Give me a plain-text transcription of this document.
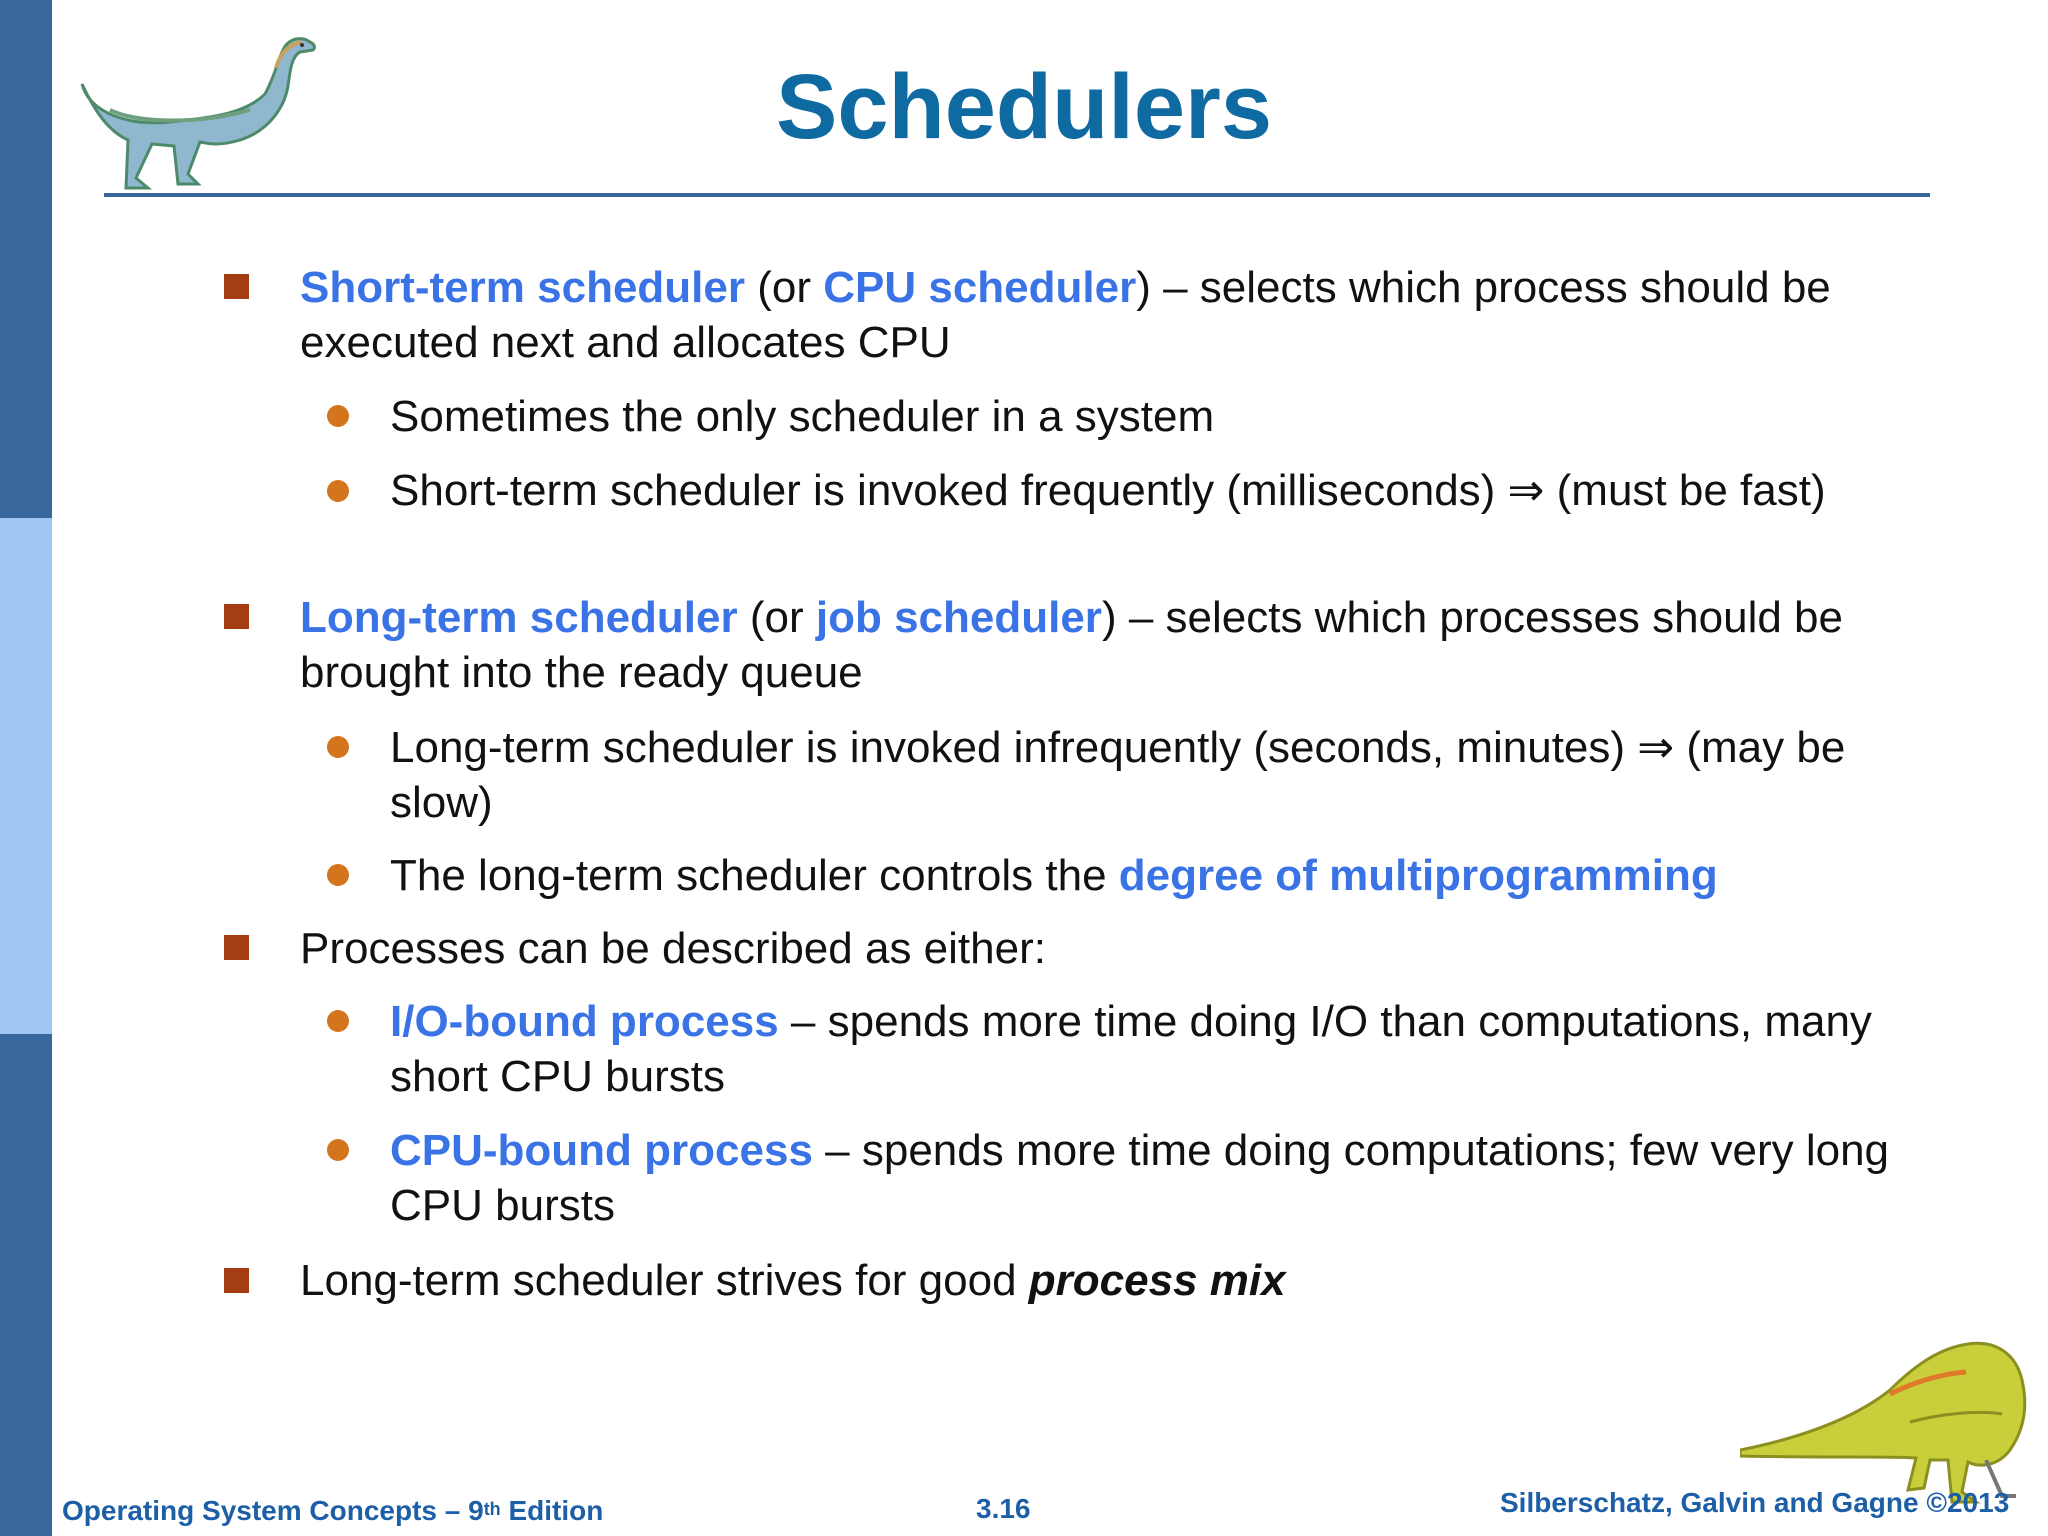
Schedulers
Short-term scheduler (or CPU scheduler) – selects which process should be executed next and allocates CPU
Sometimes the only scheduler in a system
Short-term scheduler is invoked frequently (milliseconds) ⇒ (must be fast)
Long-term scheduler (or job scheduler) – selects which processes should be brought into the ready queue
Long-term scheduler is invoked infrequently (seconds, minutes) ⇒ (may be slow)
The long-term scheduler controls the degree of multiprogramming
Processes can be described as either:
I/O-bound process – spends more time doing I/O than computations, many short CPU bursts
CPU-bound process – spends more time doing computations; few very long CPU bursts
Long-term scheduler strives for good process mix
Operating System Concepts – 9th Edition	3.16	Silberschatz, Galvin and Gagne ©2013
